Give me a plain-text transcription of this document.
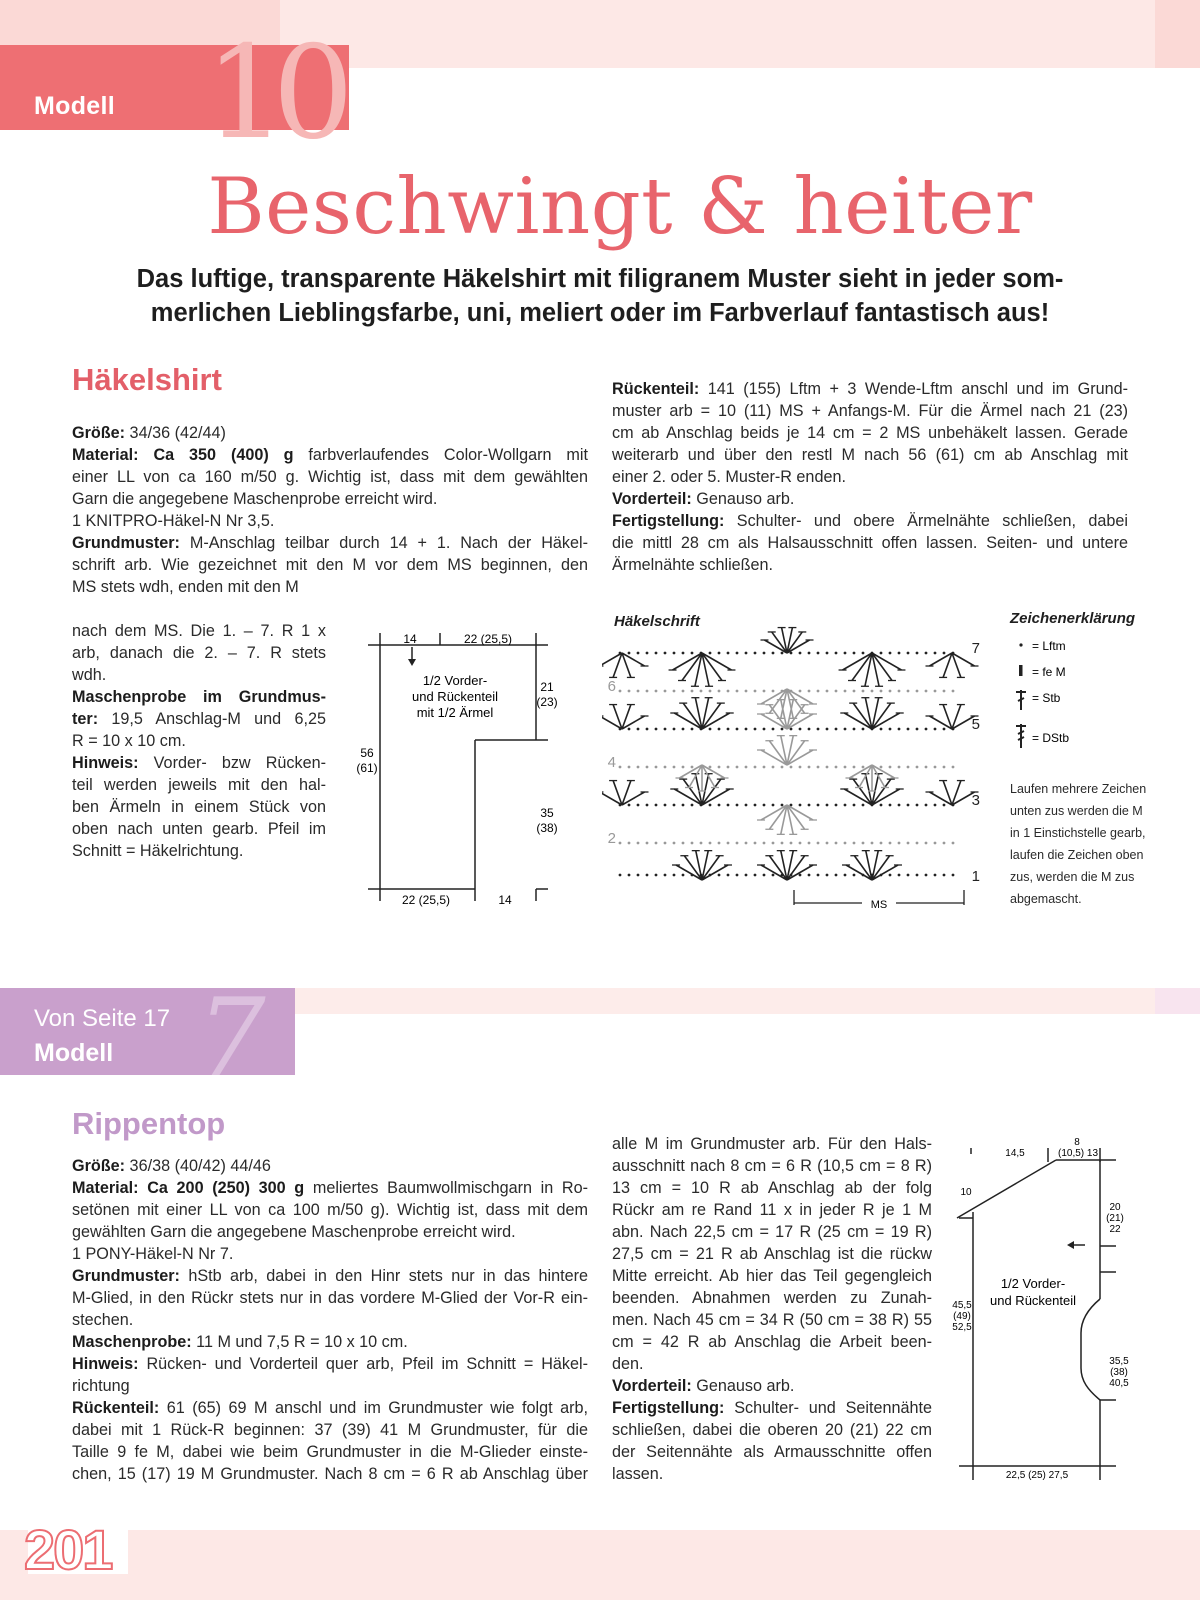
Modell 10
Beschwingt & heiter
Das luftige, transparente Häkelshirt mit filigranem Muster sieht in jeder som-
merlichen Lieblingsfarbe, uni, meliert oder im Farbverlauf fantastisch aus!
Häkelshirt
Größe: 34/36 (42/44)
Material: Ca 350 (400) g farbverlaufendes Color-Wollgarn mit
einer LL von ca 160 m/50 g. Wichtig ist, dass mit dem gewählten
Garn die angegebene Maschenprobe erreicht wird.
1 KNITPRO-Häkel-N Nr 3,5.
Grundmuster: M-Anschlag teilbar durch 14 + 1. Nach der Häkel-
schrift arb. Wie gezeichnet mit den M vor dem MS beginnen, den
MS stets wdh, enden mit den M
nach dem MS. Die 1. – 7. R 1 x
arb, danach die 2. – 7. R stets
wdh.
Maschenprobe im Grundmus-
ter: 19,5 Anschlag-M und 6,25
R = 10 x 10 cm.
Hinweis: Vorder- bzw Rücken-
teil werden jeweils mit den hal-
ben Ärmeln in einem Stück von
oben nach unten gearb. Pfeil im
Schnitt = Häkelrichtung.
Rückenteil: 141 (155) Lftm + 3 Wende-Lftm anschl und im Grund-
muster arb = 10 (11) MS + Anfangs-M. Für die Ärmel nach 21 (23)
cm ab Anschlag beids je 14 cm = 2 MS unbehäkelt lassen. Gerade
weiterarb und über den restl M nach 56 (61) cm ab Anschlag mit
einer 2. oder 5. Muster-R enden.
Vorderteil: Genauso arb.
Fertigstellung: Schulter- und obere Ärmelnähte schließen, dabei
die mittl 28 cm als Halsausschnitt offen lassen. Seiten- und untere
Ärmelnähte schließen.
14	22 (25,5)
1/2 Vorder-
und Rückenteil
mit 1/2 Ärmel
21
(23)
56
(61)
35
(38)
22 (25,5)	14
Häkelschrift
7
5
3
1
6
4
2
MS
Zeichenerklärung
= Lftm
= fe M
= Stb
= DStb
Laufen mehrere Zeichen
unten zus werden die M
in 1 Einstichstelle gearb,
laufen die Zeichen oben
zus, werden die M zus
abgemascht.
Von Seite 17
Modell 7
Rippentop
Größe: 36/38 (40/42) 44/46
Material: Ca 200 (250) 300 g meliertes Baumwollmischgarn in Ro-
setönen mit einer LL von ca 100 m/50 g). Wichtig ist, dass mit dem
gewählten Garn die angegebene Maschenprobe erreicht wird.
1 PONY-Häkel-N Nr 7.
Grundmuster: hStb arb, dabei in den Hinr stets nur in das hintere
M-Glied, in den Rückr stets nur in das vordere M-Glied der Vor-R ein-
stechen.
Maschenprobe: 11 M und 7,5 R = 10 x 10 cm.
Hinweis: Rücken- und Vorderteil quer arb, Pfeil im Schnitt = Häkel-
richtung
Rückenteil: 61 (65) 69 M anschl und im Grundmuster wie folgt arb,
dabei mit 1 Rück-R beginnen: 37 (39) 41 M Grundmuster, für die
Taille 9 fe M, dabei wie beim Grundmuster in die M-Glieder einste-
chen, 15 (17) 19 M Grundmuster. Nach 8 cm = 6 R ab Anschlag über
alle M im Grundmuster arb. Für den Hals-
ausschnitt nach 8 cm = 6 R (10,5 cm = 8 R)
13 cm = 10 R ab Anschlag ab der folg
Rückr am re Rand 11 x in jeder R je 1 M
abn. Nach 22,5 cm = 17 R (25 cm = 19 R)
27,5 cm = 21 R ab Anschlag ist die rückw
Mitte erreicht. Ab hier das Teil gegengleich
beenden. Abnahmen werden zu Zunah-
men. Nach 45 cm = 34 R (50 cm = 38 R) 55
cm = 42 R ab Anschlag die Arbeit been-
den.
Vorderteil: Genauso arb.
Fertigstellung: Schulter- und Seitennähte
schließen, dabei die oberen 20 (21) 22 cm
der Seitennähte als Armausschnitte offen
lassen.
14,5
8
(10,5) 13
10
20
(21)
22
1/2 Vorder-
und Rückenteil
45,5
(49)
52,5
35,5
(38)
40,5
22,5 (25) 27,5
201
